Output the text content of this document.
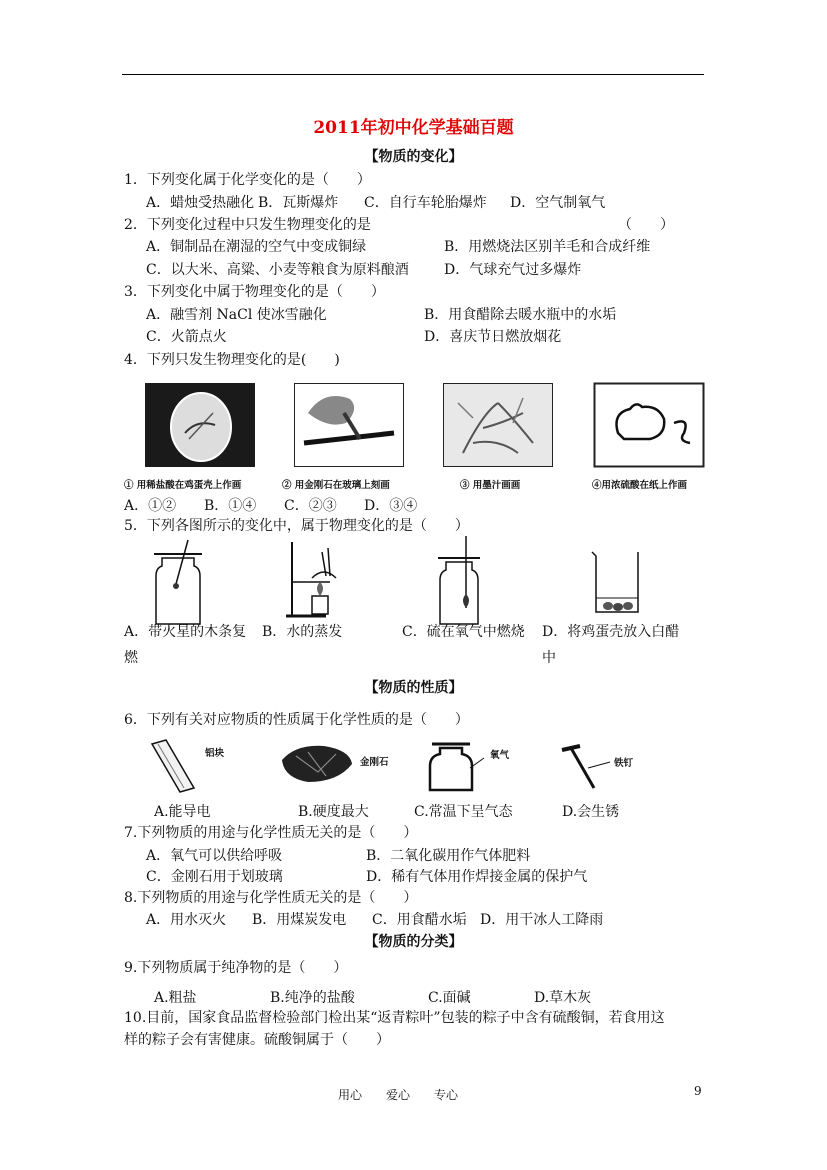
2011年初中化学基础百题
【物质的变化】
1．下列变化属于化学变化的是（　　）
A．蜡烛受热融化 B．瓦斯爆炸 C．自行车轮胎爆炸 D．空气制氧气
2．下列变化过程中只发生物理变化的是	（　　）
A．铜制品在潮湿的空气中变成铜绿	B．用燃烧法区别羊毛和合成纤维
C．以大米、高粱、小麦等粮食为原料酿酒	D．气球充气过多爆炸
3．下列变化中属于物理变化的是（　　）
A．融雪剂 NaCl 使冰雪融化	B．用食醋除去暖水瓶中的水垢
C．火箭点火	D．喜庆节日燃放烟花
4．下列只发生物理变化的是(　　)
① 用稀盐酸在鸡蛋壳上作画	② 用金刚石在玻璃上刻画	③ 用墨汁画画	④用浓硫酸在纸上作画
A．①② B．①④ C．②③ D．③④
5．下列各图所示的变化中，属于物理变化的是（　　）
A．带火星的木条复 B．水的蒸发	C．硫在氧气中燃烧 D．将鸡蛋壳放入白醋
燃	中
【物质的性质】
6．下列有关对应物质的性质属于化学性质的是（　　）
铝块
金刚石
氧气
铁钉
A.能导电	B.硬度最大	C.常温下呈气态	D.会生锈
7.下列物质的用途与化学性质无关的是（　　）
A．氧气可以供给呼吸	B．二氧化碳用作气体肥料
C．金刚石用于划玻璃	D．稀有气体用作焊接金属的保护气
8.下列物质的用途与化学性质无关的是（　　）
A．用水灭火 B．用煤炭发电 C．用食醋水垢 D．用干冰人工降雨
【物质的分类】
9.下列物质属于纯净物的是（　　）
A.粗盐	B.纯净的盐酸	C.面碱	D.草木灰
10.目前，国家食品监督检验部门检出某“返青粽叶”包装的粽子中含有硫酸铜，若食用这
样的粽子会有害健康。硫酸铜属于（　　）
用心　　爱心　　专心	9
